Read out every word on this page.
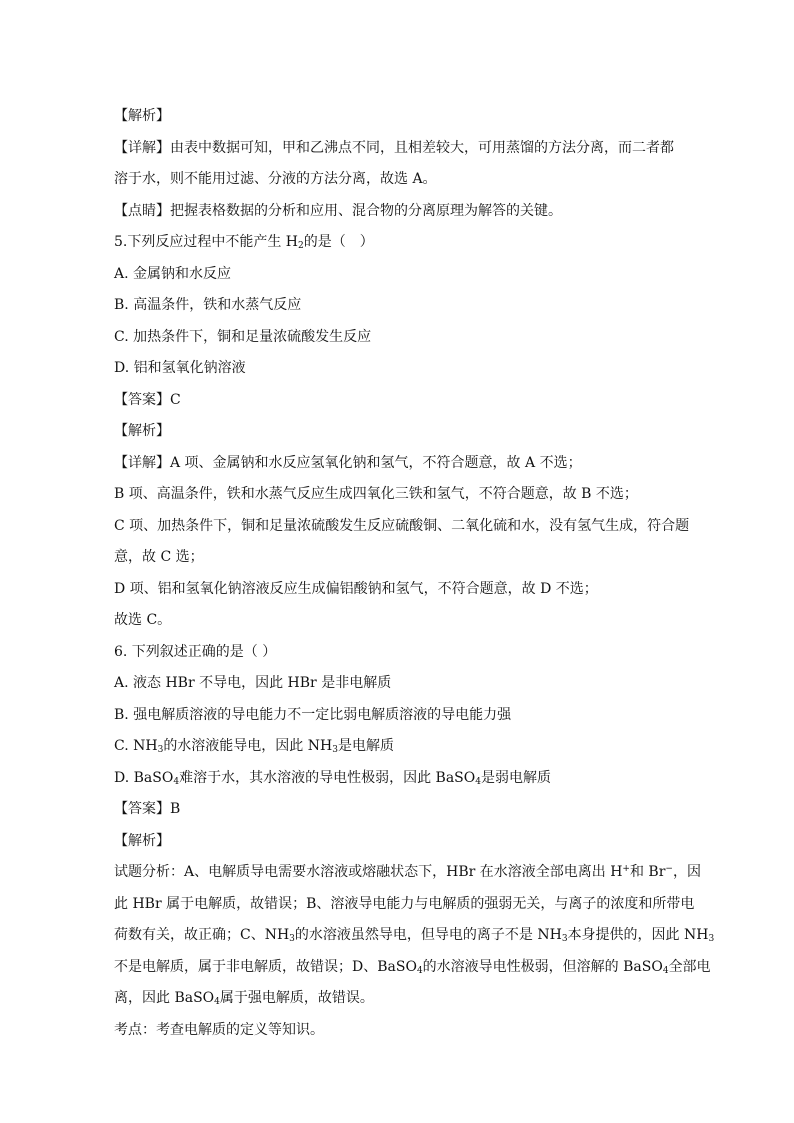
【解析】
【详解】由表中数据可知，甲和乙沸点不同，且相差较大，可用蒸馏的方法分离，而二者都
溶于水，则不能用过滤、分液的方法分离，故选 A。
【点睛】把握表格数据的分析和应用、混合物的分离原理为解答的关键。
5.下列反应过程中不能产生 $H_2$的是（　）
A. 金属钠和水反应
B. 高温条件，铁和水蒸气反应
C. 加热条件下，铜和足量浓硫酸发生反应
D. 铝和氢氧化钠溶液
【答案】C
【解析】
【详解】A 项、金属钠和水反应氢氧化钠和氢气，不符合题意，故 A 不选；
B 项、高温条件，铁和水蒸气反应生成四氧化三铁和氢气，不符合题意，故 B 不选；
C 项、加热条件下，铜和足量浓硫酸发生反应硫酸铜、二氧化硫和水，没有氢气生成，符合题
意，故 C 选；
D 项、铝和氢氧化钠溶液反应生成偏铝酸钠和氢气，不符合题意，故 D 不选；
故选 C。
6. 下列叙述正确的是（ ）
A. 液态 HBr 不导电，因此 HBr 是非电解质
B. 强电解质溶液的导电能力不一定比弱电解质溶液的导电能力强
C. $NH_3$的水溶液能导电，因此 $NH_3$是电解质
D. BaSO$_4$难溶于水，其水溶液的导电性极弱，因此 BaSO$_4$是弱电解质
【答案】B
【解析】
试题分析：A、电解质导电需要水溶液或熔融状态下，HBr 在水溶液全部电离出 H+和 Br−，因
此 HBr 属于电解质，故错误；B、溶液导电能力与电解质的强弱无关，与离子的浓度和所带电
荷数有关，故正确；C、$NH_3$的水溶液虽然导电，但导电的离子不是 $NH_3$本身提供的，因此 $NH_3$
不是电解质，属于非电解质，故错误；D、BaSO$_4$的水溶液导电性极弱，但溶解的 BaSO$_4$全部电
离，因此 BaSO$_4$属于强电解质，故错误。
考点：考查电解质的定义等知识。
